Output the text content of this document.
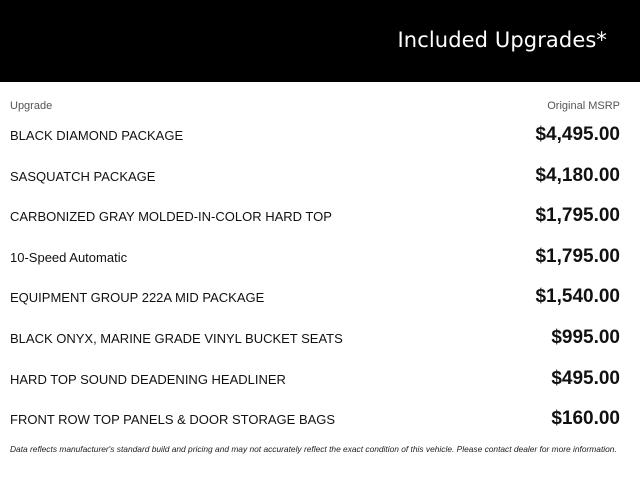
Included Upgrades*
Upgrade	Original MSRP
BLACK DIAMOND PACKAGE	$4,495.00
SASQUATCH PACKAGE	$4,180.00
CARBONIZED GRAY MOLDED-IN-COLOR HARD TOP	$1,795.00
10-Speed Automatic	$1,795.00
EQUIPMENT GROUP 222A MID PACKAGE	$1,540.00
BLACK ONYX, MARINE GRADE VINYL BUCKET SEATS	$995.00
HARD TOP SOUND DEADENING HEADLINER	$495.00
FRONT ROW TOP PANELS & DOOR STORAGE BAGS	$160.00
Data reflects manufacturer's standard build and pricing and may not accurately reflect the exact condition of this vehicle. Please contact dealer for more information.
